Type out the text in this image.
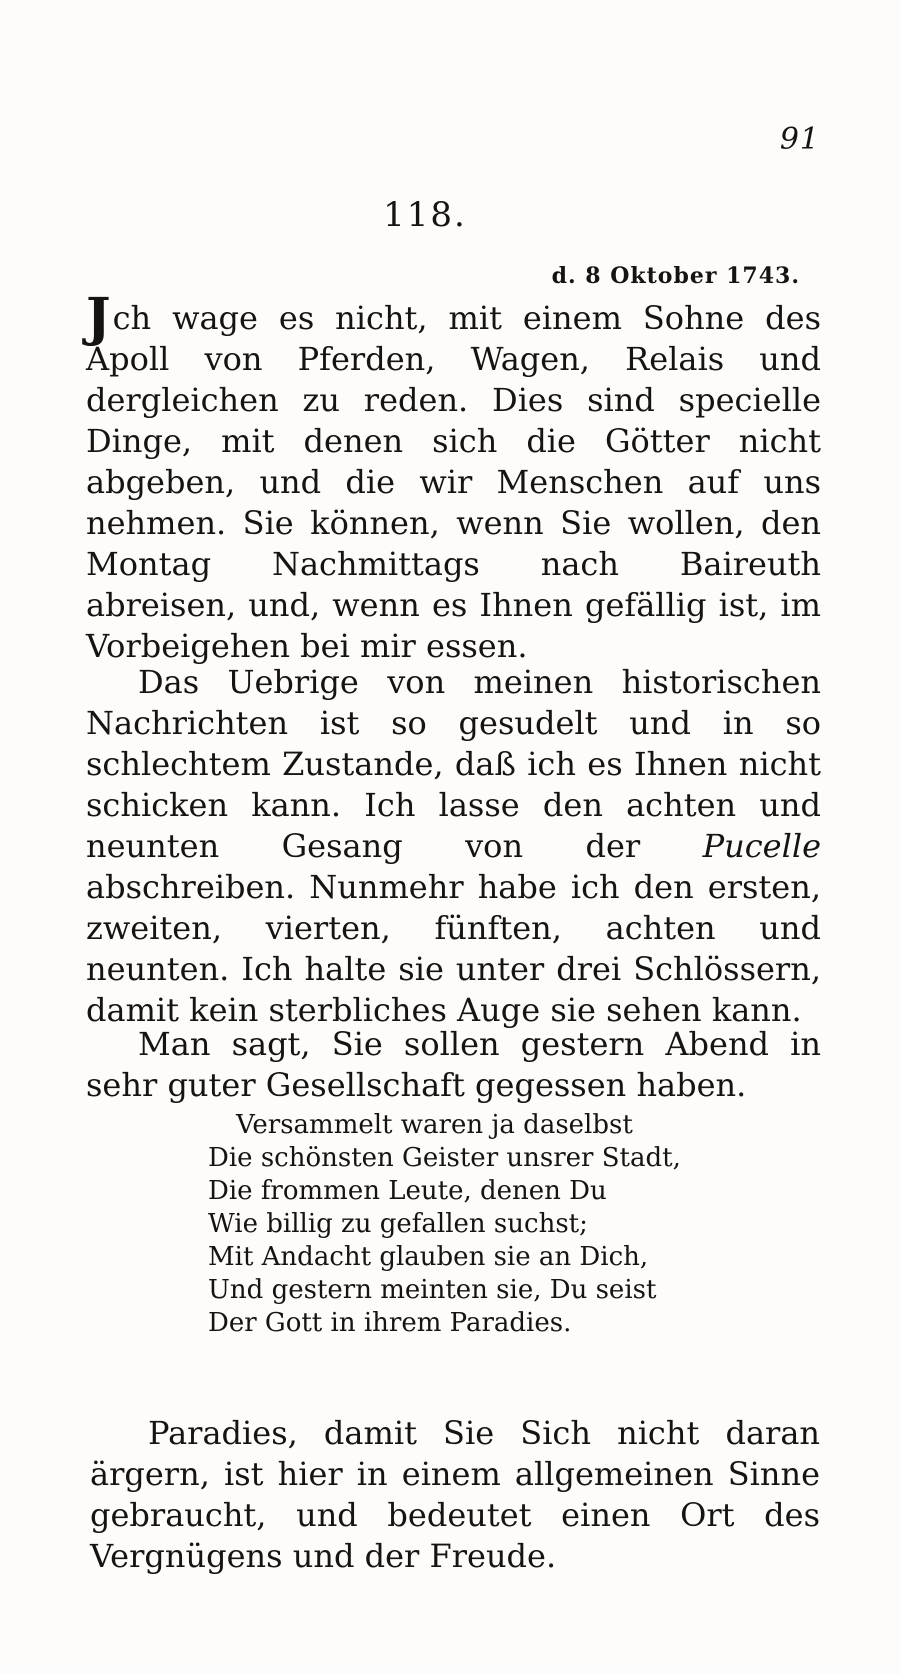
91
118.
d. 8 Oktober 1743.

Jch wage es nicht, mit einem Sohne des Apoll von Pferden, Wagen, Relais und dergleichen zu reden. Dies sind specielle Dinge, mit denen sich die Götter nicht abgeben, und die wir Menschen auf uns nehmen. Sie können, wenn Sie wollen, den Montag Nachmittags nach Baireuth abreisen, und, wenn es Ihnen gefällig ist, im Vorbeigehen bei mir essen.

Das Uebrige von meinen historischen Nachrichten ist so gesudelt und in so schlechtem Zustande, daß ich es Ihnen nicht schicken kann. Ich lasse den achten und neunten Gesang von der Pucelle abschreiben. Nunmehr habe ich den ersten, zweiten, vierten, fünften, achten und neunten. Ich halte sie unter drei Schlössern, damit kein sterbliches Auge sie sehen kann.

Man sagt, Sie sollen gestern Abend in sehr guter Gesellschaft gegessen haben.

Versammelt waren ja daselbst
Die schönsten Geister unsrer Stadt,
Die frommen Leute, denen Du
Wie billig zu gefallen suchst;
Mit Andacht glauben sie an Dich,
Und gestern meinten sie, Du seist
Der Gott in ihrem Paradies.

Paradies, damit Sie Sich nicht daran ärgern, ist hier in einem allgemeinen Sinne gebraucht, und bedeutet einen Ort des Vergnügens und der Freude.
